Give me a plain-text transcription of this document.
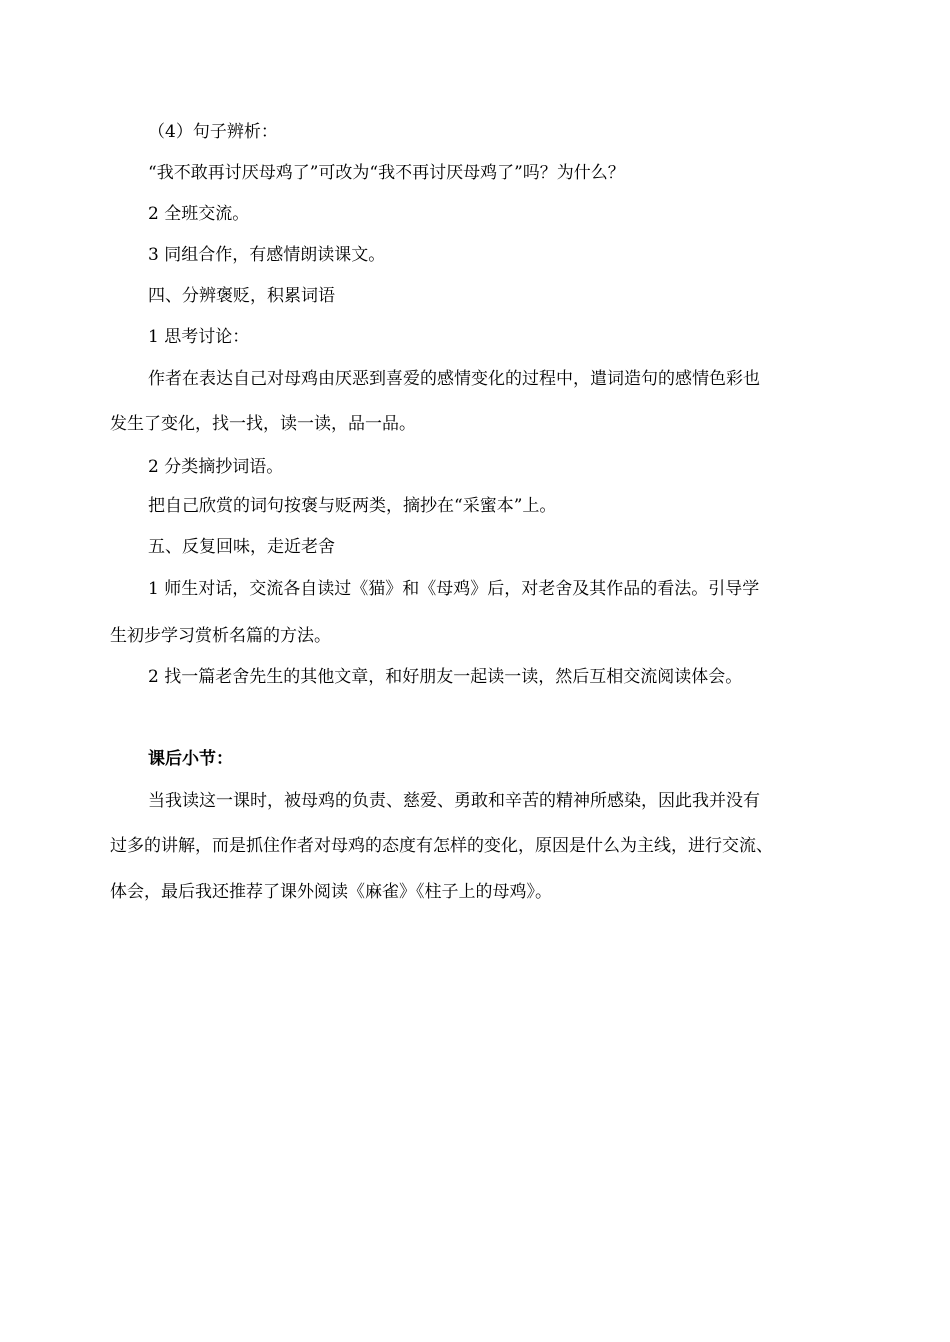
（4）句子辨析：
“我不敢再讨厌母鸡了”可改为“我不再讨厌母鸡了”吗？为什么？
2 全班交流。
3 同组合作，有感情朗读课文。
四、分辨褒贬，积累词语
1 思考讨论：
作者在表达自己对母鸡由厌恶到喜爱的感情变化的过程中，遣词造句的感情色彩也
发生了变化，找一找，读一读，品一品。
2 分类摘抄词语。
把自己欣赏的词句按褒与贬两类，摘抄在“采蜜本”上。
五、反复回味，走近老舍
1 师生对话，交流各自读过《猫》和《母鸡》后，对老舍及其作品的看法。引导学
生初步学习赏析名篇的方法。
2 找一篇老舍先生的其他文章，和好朋友一起读一读，然后互相交流阅读体会。
课后小节：
当我读这一课时，被母鸡的负责、慈爱、勇敢和辛苦的精神所感染，因此我并没有
过多的讲解，而是抓住作者对母鸡的态度有怎样的变化，原因是什么为主线，进行交流、
体会，最后我还推荐了课外阅读《麻雀》《柱子上的母鸡》。
